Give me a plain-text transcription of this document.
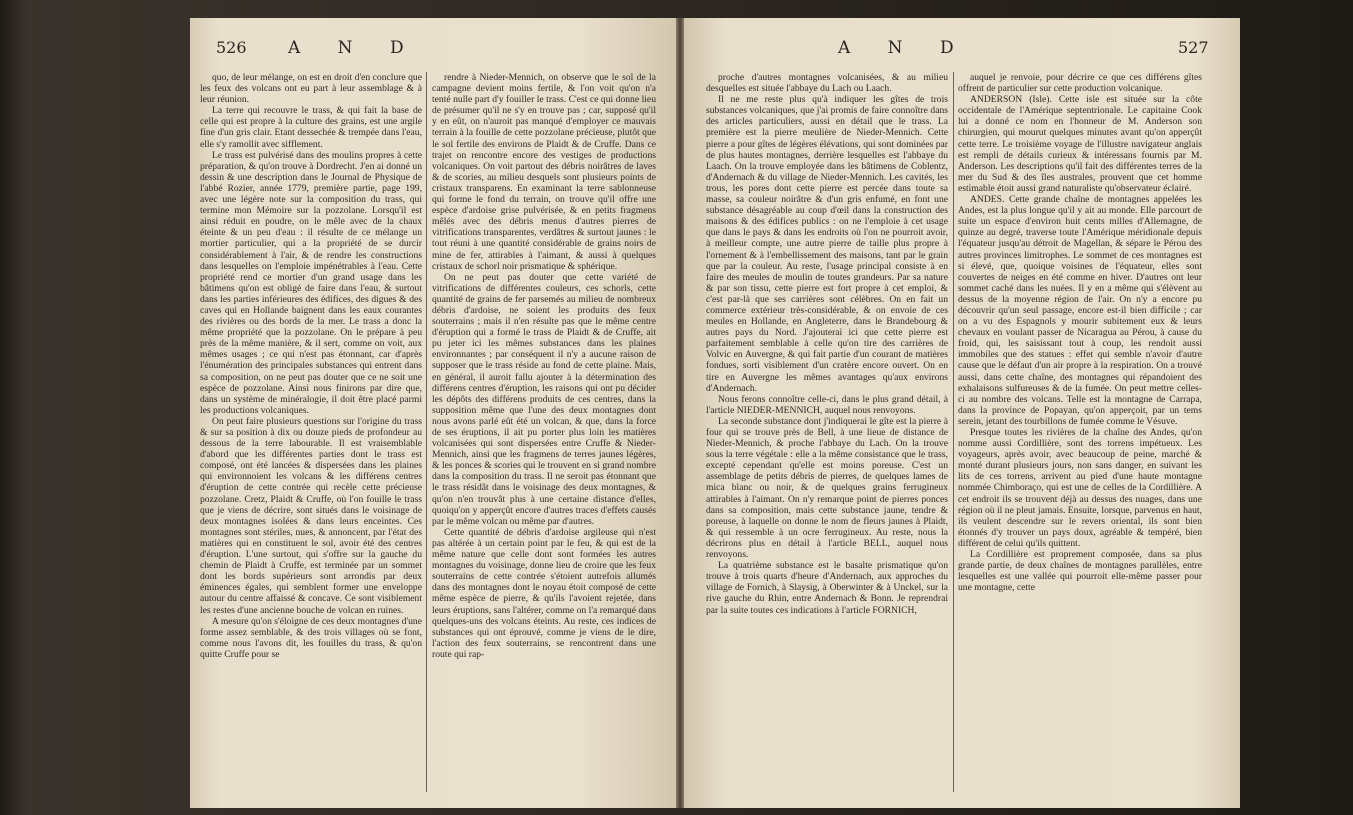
526 A N D	A N D	527

quo, de leur mélange, on est en droit d'en conclure que les feux des volcans ont eu part à leur assemblage & à leur réunion.

La terre qui recouvre le trass, & qui fait la base de celle qui est propre à la culture des grains, est une argile fine d'un gris clair. Etant dessechée & trempée dans l'eau, elle s'y ramollit avec sifflement.

Le trass est pulvérisé dans des moulins propres à cette préparation, & qu'on trouve à Dordrecht. J'en ai donné un dessin & une description dans le Journal de Physique de l'abbé Rozier, année 1779, première partie, page 199, avec une légère note sur la composition du trass, qui termine mon Mémoire sur la pozzolane. Lorsqu'il est ainsi réduit en poudre, on le mêle avec de la chaux éteinte & un peu d'eau : il résulte de ce mélange un mortier particulier, qui a la propriété de se durcir considérablement à l'air, & de rendre les constructions dans lesquelles on l'emploie impénétrables à l'eau. Cette propriété rend ce mortier d'un grand usage dans les bâtimens qu'on est obligé de faire dans l'eau, & surtout dans les parties inférieures des édifices, des digues & des caves qui en Hollande baignent dans les eaux courantes des rivières ou des bords de la mer. Le trass a donc la même propriété que la pozzolane. On le prépare à peu près de la même manière, & il sert, comme on voit, aux mêmes usages ; ce qui n'est pas étonnant, car d'après l'énumération des principales substances qui entrent dans sa composition, on ne peut pas douter que ce ne soit une espèce de pozzolane. Ainsi nous finirons par dire que, dans un système de minéralogie, il doit être placé parmi les productions volcaniques.

On peut faire plusieurs questions sur l'origine du trass & sur sa position à dix ou douze pieds de profondeur au dessous de la terre labourable. Il est vraisemblable d'abord que les différentes parties dont le trass est composé, ont été lancées & dispersées dans les plaines qui environnoient les volcans & les différens centres d'éruption de cette contrée qui recèle cette précieuse pozzolane. Cretz, Plaidt & Cruffe, où l'on fouille le trass que je viens de décrire, sont situés dans le voisinage de deux montagnes isolées & dans leurs enceintes. Ces montagnes sont stériles, nues, & annoncent, par l'état des matières qui en constituent le sol, avoir été des centres d'éruption. L'une surtout, qui s'offre sur la gauche du chemin de Plaidt à Cruffe, est terminée par un sommet dont les bords supérieurs sont arrondis par deux éminences égales, qui semblent former une enveloppe autour du centre affaissé & concave. Ce sont visiblement les restes d'une ancienne bouche de volcan en ruines.

A mesure qu'on s'éloigne de ces deux montagnes d'une forme assez semblable, & des trois villages où se font, comme nous l'avons dit, les fouilles du trass, & qu'on quitte Cruffe pour se

rendre à Nieder-Mennich, on observe que le sol de la campagne devient moins fertile, & l'on voit qu'on n'a tenté nulle part d'y fouiller le trass. C'est ce qui donne lieu de présumer qu'il ne s'y en trouve pas ; car, supposé qu'il y en eût, on n'auroit pas manqué d'employer ce mauvais terrain à la fouille de cette pozzolane précieuse, plutôt que le sol fertile des environs de Plaidt & de Cruffe. Dans ce trajet on rencontre encore des vestiges de productions volcaniques. On voit partout des débris noirâtres de laves & de scories, au milieu desquels sont plusieurs points de cristaux transparens. En examinant la terre sablonneuse qui forme le fond du terrain, on trouve qu'il offre une espèce d'ardoise grise pulvérisée, & en petits fragmens mêlés avec des débris menus d'autres pierres de vitrifications transparentes, verdâtres & surtout jaunes : le tout réuni à une quantité considérable de grains noirs de mine de fer, attirables à l'aimant, & aussi à quelques cristaux de schorl noir prismatique & sphérique.

On ne peut pas douter que cette variété de vitrifications de différentes couleurs, ces schorls, cette quantité de grains de fer parsemés au milieu de nombreux débris d'ardoise, ne soient les produits des feux souterrains ; mais il n'en résulte pas que le même centre d'éruption qui a formé le trass de Plaidt & de Cruffe, ait pu jeter ici les mêmes substances dans les plaines environnantes ; par conséquent il n'y a aucune raison de supposer que le trass réside au fond de cette plaine. Mais, en général, il auroit fallu ajouter à la détermination des différens centres d'éruption, les raisons qui ont pu décider les dépôts des différens produits de ces centres, dans la supposition même que l'une des deux montagnes dont nous avons parlé eût été un volcan, & que, dans la force de ses éruptions, il ait pu porter plus loin les matières volcanisées qui sont dispersées entre Cruffe & Nieder-Mennich, ainsi que les fragmens de terres jaunes légères, & les ponces & scories qui le trouvent en si grand nombre dans la composition du trass. Il ne seroit pas étonnant que le trass résidât dans le voisinage des deux montagnes, & qu'on n'en trouvât plus à une certaine distance d'elles, quoiqu'on y apperçût encore d'autres traces d'effets causés par le même volcan ou même par d'autres.

Cette quantité de débris d'ardoise argileuse qui n'est pas altérée à un certain point par le feu, & qui est de la même nature que celle dont sont formées les autres montagnes du voisinage, donne lieu de croire que les feux souterrains de cette contrée s'étoient autrefois allumés dans des montagnes dont le noyau étoit composé de cette même espèce de pierre, & qu'ils l'avoient rejetée, dans leurs éruptions, sans l'altérer, comme on l'a remarqué dans quelques-uns des volcans éteints. Au reste, ces indices de substances qui ont éprouvé, comme je viens de le dire, l'action des feux souterrains, se rencontrent dans une route qui rap-

proche d'autres montagnes volcanisées, & au milieu desquelles est située l'abbaye du Lach ou Laach.

Il ne me reste plus qu'à indiquer les gîtes de trois substances volcaniques, que j'ai promis de faire connoître dans des articles particuliers, aussi en détail que le trass. La première est la pierre meulière de Nieder-Mennich. Cette pierre a pour gîtes de légères élévations, qui sont dominées par de plus hautes montagnes, derrière lesquelles est l'abbaye du Laach. On la trouve employée dans les bâtimens de Coblentz, d'Andernach & du village de Nieder-Mennich. Les cavités, les trous, les pores dont cette pierre est percée dans toute sa masse, sa couleur noirâtre & d'un gris enfumé, en font une substance désagréable au coup d'œil dans la construction des maisons & des édifices publics : on ne l'emploie à cet usage que dans le pays & dans les endroits où l'on ne pourroit avoir, à meilleur compte, une autre pierre de taille plus propre à l'ornement & à l'embellissement des maisons, tant par le grain que par la couleur. Au reste, l'usage principal consiste à en faire des meules de moulin de toutes grandeurs. Par sa nature & par son tissu, cette pierre est fort propre à cet emploi, & c'est par-là que ses carrières sont célèbres. On en fait un commerce extérieur très-considérable, & on envoie de ces meules en Hollande, en Angleterre, dans le Brandebourg & autres pays du Nord. J'ajouterai ici que cette pierre est parfaitement semblable à celle qu'on tire des carrières de Volvic en Auvergne, & qui fait partie d'un courant de matières fondues, sorti visiblement d'un cratère encore ouvert. On en tire en Auvergne les mêmes avantages qu'aux environs d'Andernach.

Nous ferons connoître celle-ci, dans le plus grand détail, à l'article NIEDER-MENNICH, auquel nous renvoyons.

La seconde substance dont j'indiquerai le gîte est la pierre à four qui se trouve près de Bell, à une lieue de distance de Nieder-Mennich, & proche l'abbaye du Lach. On la trouve sous la terre végétale : elle a la même consistance que le trass, excepté cependant qu'elle est moins poreuse. C'est un assemblage de petits débris de pierres, de quelques lames de mica blanc ou noir, & de quelques grains ferrugineux attirables à l'aimant. On n'y remarque point de pierres ponces dans sa composition, mais cette substance jaune, tendre & poreuse, à laquelle on donne le nom de fleurs jaunes à Plaidt, & qui ressemble à un ocre ferrugineux. Au reste, nous la décrirons plus en détail à l'article BELL, auquel nous renvoyons.

La quatrième substance est le basalte prismatique qu'on trouve à trois quarts d'heure d'Andernach, aux approches du village de Fornich, à Slaysig, à Oberwinter & à Unckel, sur la rive gauche du Rhin, entre Andernach & Bonn. Je reprendrai par la suite toutes ces indications à l'article FORNICH,

auquel je renvoie, pour décrire ce que ces différens gîtes offrent de particulier sur cette production volcanique.

ANDERSON (Isle). Cette isle est située sur la côte occidentale de l'Amérique septentrionale. Le capitaine Cook lui a donné ce nom en l'honneur de M. Anderson son chirurgien, qui mourut quelques minutes avant qu'on apperçût cette terre. Le troisième voyage de l'illustre navigateur anglais est rempli de détails curieux & intéressans fournis par M. Anderson. Les descriptions qu'il fait des différentes terres de la mer du Sud & des îles australes, prouvent que cet homme estimable étoit aussi grand naturaliste qu'observateur éclairé.

ANDES. Cette grande chaîne de montagnes appelées les Andes, est la plus longue qu'il y ait au monde. Elle parcourt de suite un espace d'environ huit cents milles d'Allemagne, de quinze au degré, traverse toute l'Amérique méridionale depuis l'équateur jusqu'au détroit de Magellan, & sépare le Pérou des autres provinces limitrophes. Le sommet de ces montagnes est si élevé, que, quoique voisines de l'équateur, elles sont couvertes de neiges en été comme en hiver. D'autres ont leur sommet caché dans les nuées. Il y en a même qui s'élèvent au dessus de la moyenne région de l'air. On n'y a encore pu découvrir qu'un seul passage, encore est-il bien difficile ; car on a vu des Espagnols y mourir subitement eux & leurs chevaux en voulant passer de Nicaragua au Pérou, à cause du froid, qui, les saisissant tout à coup, les rendoit aussi immobiles que des statues : effet qui semble n'avoir d'autre cause que le défaut d'un air propre à la respiration. On a trouvé aussi, dans cette chaîne, des montagnes qui répandoient des exhalaisons sulfureuses & de la fumée. On peut mettre celles-ci au nombre des volcans. Telle est la montagne de Carrapa, dans la province de Popayan, qu'on apperçoit, par un tems serein, jetant des tourbillons de fumée comme le Vésuve.

Presque toutes les rivières de la chaîne des Andes, qu'on nomme aussi Cordillière, sont des torrens impétueux. Les voyageurs, après avoir, avec beaucoup de peine, marché & monté durant plusieurs jours, non sans danger, en suivant les lits de ces torrens, arrivent au pied d'une haute montagne nommée Chimboraço, qui est une de celles de la Cordillière. A cet endroit ils se trouvent déjà au dessus des nuages, dans une région où il ne pleut jamais. Ensuite, lorsque, parvenus en haut, ils veulent descendre sur le revers oriental, ils sont bien étonnés d'y trouver un pays doux, agréable & tempéré, bien différent de celui qu'ils quittent.

La Cordillière est proprement composée, dans sa plus grande partie, de deux chaînes de montagnes parallèles, entre lesquelles est une vallée qui pourroit elle-même passer pour une montagne, cette
